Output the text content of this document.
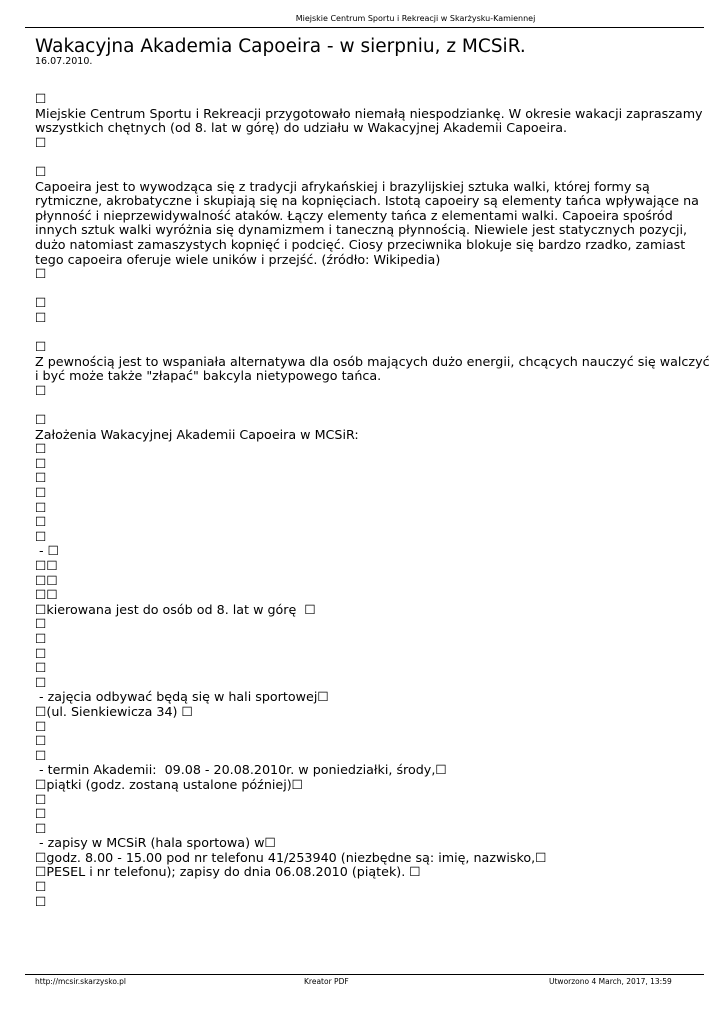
Miejskie Centrum Sportu i Rekreacji w Skarżysku-Kamiennej
Wakacyjna Akademia Capoeira - w sierpniu, z MCSiR.
16.07.2010.
☐
Miejskie Centrum Sportu i Rekreacji przygotowało niemałą niespodziankę. W okresie wakacji zapraszamy
wszystkich chętnych (od 8. lat w górę) do udziału w Wakacyjnej Akademii Capoeira.
☐
☐
Capoeira jest to wywodząca się z tradycji afrykańskiej i brazylijskiej sztuka walki, której formy są
rytmiczne, akrobatyczne i skupiają się na kopnięciach. Istotą capoeiry są elementy tańca wpływające na
płynność i nieprzewidywalność ataków. Łączy elementy tańca z elementami walki. Capoeira spośród
innych sztuk walki wyróżnia się dynamizmem i taneczną płynnością. Niewiele jest statycznych pozycji,
dużo natomiast zamaszystych kopnięć i podcięć. Ciosy przeciwnika blokuje się bardzo rzadko, zamiast
tego capoeira oferuje wiele uników i przejść. (źródło: Wikipedia)
☐
☐
☐
☐
Z pewnością jest to wspaniała alternatywa dla osób mających dużo energii, chcących nauczyć się walczyć
i być może także "złapać" bakcyla nietypowego tańca.
☐
☐
Założenia Wakacyjnej Akademii Capoeira w MCSiR:
☐
☐
☐
☐
☐
☐
☐
- ☐
☐☐
☐☐
☐☐
☐kierowana jest do osób od 8. lat w górę  ☐
☐
☐
☐
☐
☐
- zajęcia odbywać będą się w hali sportowej☐
☐(ul. Sienkiewicza 34) ☐
☐
☐
☐
- termin Akademii:  09.08 - 20.08.2010r. w poniedziałki, środy,☐
☐piątki (godz. zostaną ustalone później)☐
☐
☐
☐
- zapisy w MCSiR (hala sportowa) w☐
☐godz. 8.00 - 15.00 pod nr telefonu 41/253940 (niezbędne są: imię, nazwisko,☐
☐PESEL i nr telefonu); zapisy do dnia 06.08.2010 (piątek). ☐
☐
☐
http://mcsir.skarzysko.pl	Kreator PDF	Utworzono 4 March, 2017, 13:59
